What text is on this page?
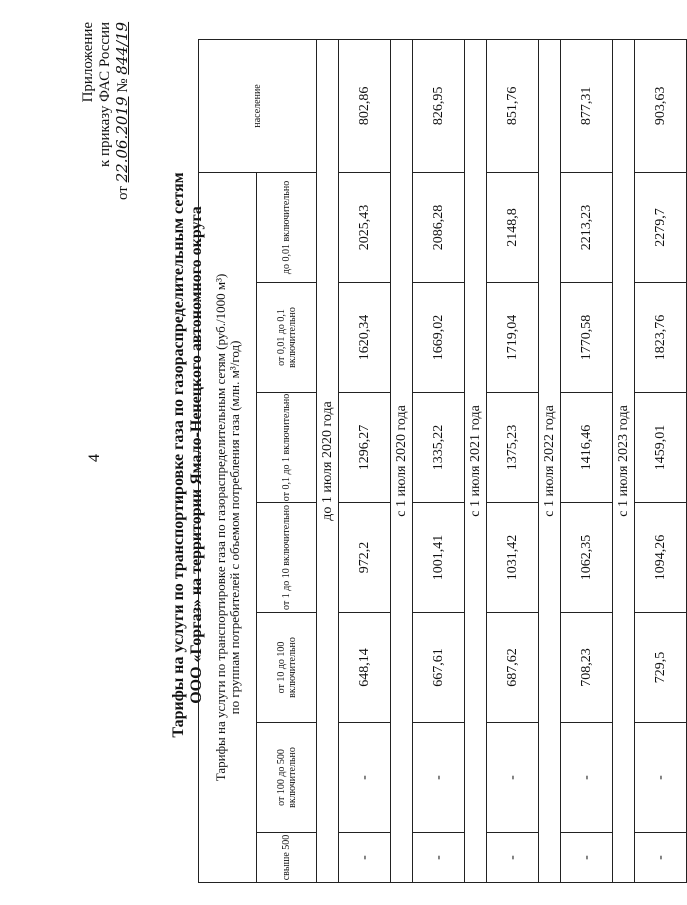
4
Приложение к приказу ФАС России
от 22.06.2019 № 844/19
Тарифы на услуги по транспортировке газа по газораспределительным сетям ООО «Горгаз» на территории Ямало-Ненецкого автономного округа Тарифы на услуги по транспортировке газа по газораспределительным сетям (руб./1000 м³)
по группам потребителей с объемом потребления газа (млн. м³/год)							население
свыше 500	от 100 до 500 включительно	от 10 до 100 включительно	от 1 до 10 включительно	от 0,1 до 1 включительно	от 0,01 до 0,1 включительно	до 0,01 включительно	
до 1 июля 2020 года							
-	-	648,14	972,2	1296,27	1620,34	2025,43	802,86
с 1 июля 2020 года							
-	-	667,61	1001,41	1335,22	1669,02	2086,28	826,95
с 1 июля 2021 года							
-	-	687,62	1031,42	1375,23	1719,04	2148,8	851,76
с 1 июля 2022 года							
-	-	708,23	1062,35	1416,46	1770,58	2213,23	877,31
с 1 июля 2023 года							
-	-	729,5	1094,26	1459,01	1823,76	2279,7	903,63
